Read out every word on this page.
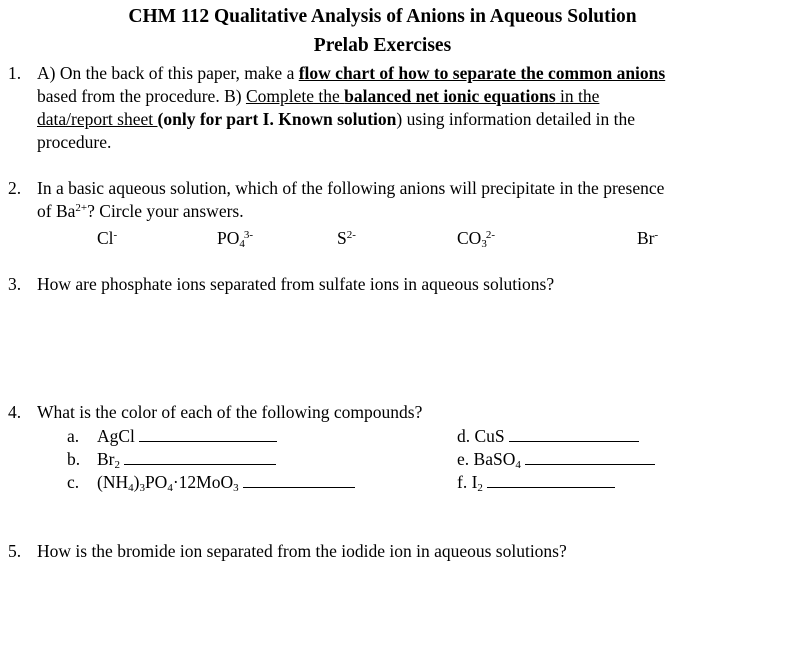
CHM 112 Qualitative Analysis of Anions in Aqueous Solution
Prelab Exercises
1. A) On the back of this paper, make a flow chart of how to separate the common anions
based from the procedure. B) Complete the balanced net ionic equations in the
data/report sheet (only for part I. Known solution) using information detailed in the
procedure.
2. In a basic aqueous solution, which of the following anions will precipitate in the presence
of $Ba^{2+}$? Circle your answers.
Cl-	$PO_4^{3-}$	$S^{2-}$	$CO_3^{2-}$	Br-
3. How are phosphate ions separated from sulfate ions in aqueous solutions?
4. What is the color of each of the following compounds?
a. AgCl
b. $Br_2$
c. $(NH_4)_3PO_4\cdot 12MoO_3$
d. CuS
e. BaSO$_4$
f. $I_2$
5. How is the bromide ion separated from the iodide ion in aqueous solutions?
